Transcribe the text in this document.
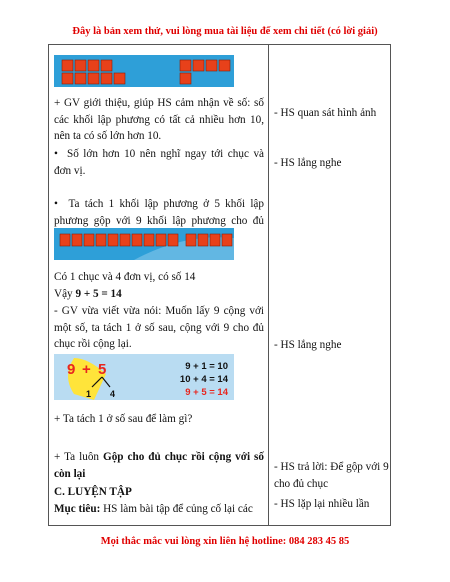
Đây là bản xem thử, vui lòng mua tài liệu để xem chi tiết (có lời giải)
+ GV giới thiệu, giúp HS cảm nhận về số: số các khối lập phương có tất cả nhiều hơn 10, nên ta có số lớn hơn 10.
•  Số lớn hơn 10 nên nghĩ ngay tới chục và đơn vị.
•  Ta tách 1 khối lập phương ở 5 khối lập phương gộp với 9 khối lập phương cho đủ
Có 1 chục và 4 đơn vị, có số 14
Vậy 9 + 5 = 14
- GV vừa viết vừa nói: Muốn lấy 9 cộng với một số, ta tách 1 ở số sau, cộng với 9 cho đủ chục rồi cộng lại.
9 + 5
1 4
9 + 1 = 10
10 + 4 = 14
9 + 5 = 14
+ Ta tách 1 ở số sau để làm gì?
+ Ta luôn Gộp cho đủ chục rồi cộng với số còn lại
C. LUYỆN TẬP
Mục tiêu: HS làm bài tập để củng cố lại các
- HS quan sát hình ảnh
- HS lắng nghe
- HS lắng nghe
- HS trả lời: Để gộp với 9 cho đủ chục
- HS lặp lại nhiều lần
Mọi thắc mắc vui lòng xin liên hệ hotline: 084 283 45 85
